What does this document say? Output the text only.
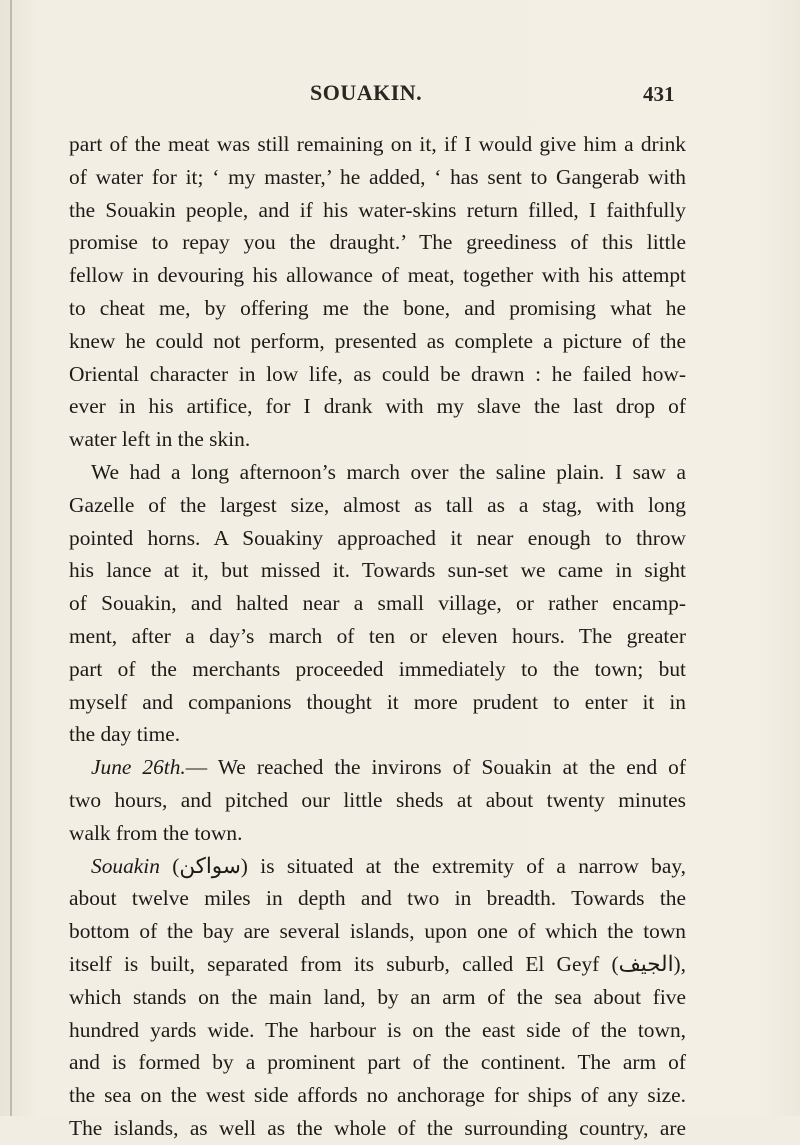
SOUAKIN.	431
part of the meat was still remaining on it, if I would give him a drink
of water for it; ‘ my master,’ he added, ‘ has sent to Gangerab with
the Souakin people, and if his water-skins return filled, I faithfully
promise to repay you the draught.’ The greediness of this little
fellow in devouring his allowance of meat, together with his attempt
to cheat me, by offering me the bone, and promising what he
knew he could not perform, presented as complete a picture of the
Oriental character in low life, as could be drawn : he failed how-
ever in his artifice, for I drank with my slave the last drop of
water left in the skin.
We had a long afternoon’s march over the saline plain. I saw a
Gazelle of the largest size, almost as tall as a stag, with long
pointed horns. A Souakiny approached it near enough to throw
his lance at it, but missed it. Towards sun-set we came in sight
of Souakin, and halted near a small village, or rather encamp-
ment, after a day’s march of ten or eleven hours. The greater
part of the merchants proceeded immediately to the town; but
myself and companions thought it more prudent to enter it in
the day time.
June 26th.— We reached the invirons of Souakin at the end of
two hours, and pitched our little sheds at about twenty minutes
walk from the town.
Souakin (سواكن) is situated at the extremity of a narrow bay,
about twelve miles in depth and two in breadth. Towards the
bottom of the bay are several islands, upon one of which the town
itself is built, separated from its suburb, called El Geyf (الجيف),
which stands on the main land, by an arm of the sea about five
hundred yards wide. The harbour is on the east side of the town,
and is formed by a prominent part of the continent. The arm of
the sea on the west side affords no anchorage for ships of any size.
The islands, as well as the whole of the surrounding country, are
